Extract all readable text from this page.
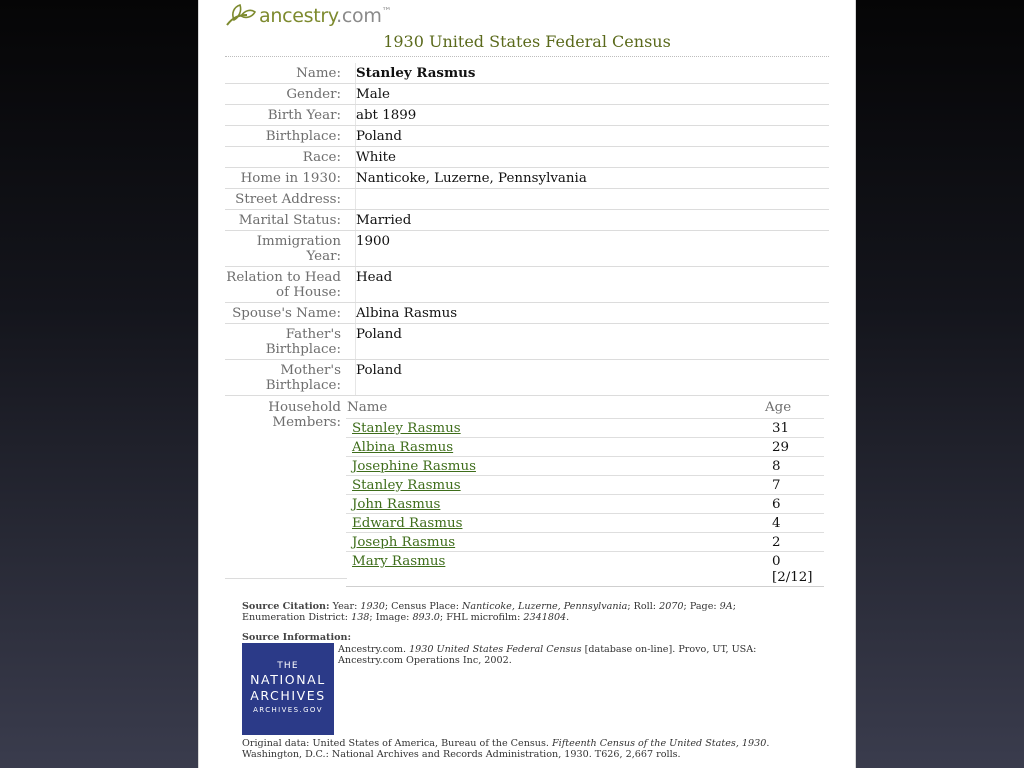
ancestry.com™
1930 United States Federal Census
Name: Stanley Rasmus
Gender: Male
Birth Year: abt 1899
Birthplace: Poland
Race: White
Home in 1930: Nanticoke, Luzerne, Pennsylvania
Street Address:
Marital Status: Married
Immigration Year:
1900
Relation to Head
of House:
Head
Spouse's Name: Albina Rasmus
Father's
Birthplace:
Poland
Mother's
Birthplace:
Poland
Household
Members:
Name	Age
Stanley Rasmus	31
Albina Rasmus	29
Josephine Rasmus	8
Stanley Rasmus	7
John Rasmus	6
Edward Rasmus	4
Joseph Rasmus	2
Mary Rasmus	0
[2/12]
Source Citation: Year: 1930; Census Place: Nanticoke, Luzerne, Pennsylvania; Roll: 2070; Page: 9A; Enumeration District: 138; Image: 893.0; FHL microfilm: 2341804.
Source Information:
THE
NATIONAL
ARCHIVES
ARCHIVES.GOV
Ancestry.com. 1930 United States Federal Census [database on-line]. Provo, UT, USA: Ancestry.com Operations Inc, 2002.
Original data: United States of America, Bureau of the Census. Fifteenth Census of the United States, 1930. Washington, D.C.: National Archives and Records Administration, 1930. T626, 2,667 rolls.
